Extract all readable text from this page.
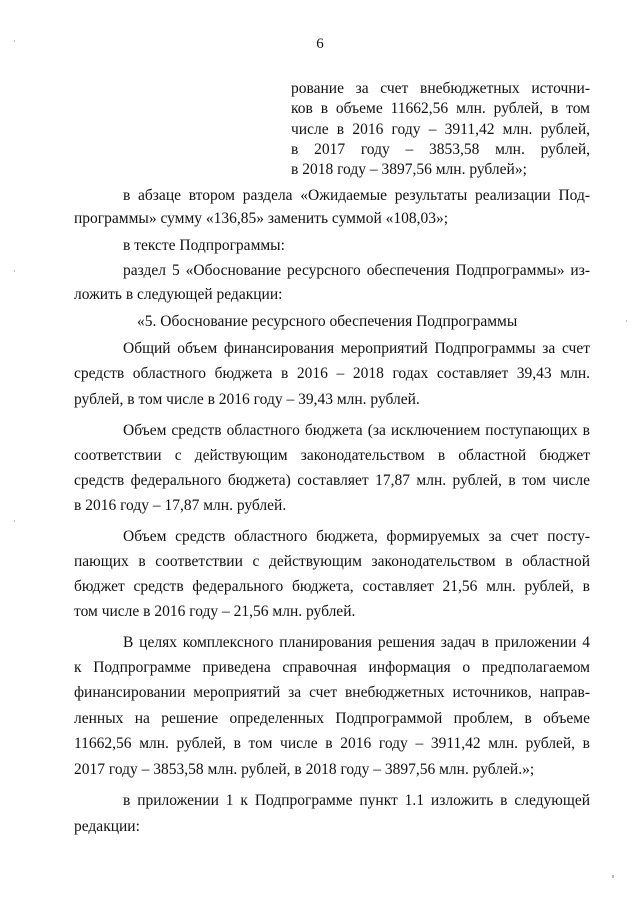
6
рование за счет внебюджетных источни-
ков в объеме 11662,56 млн. рублей, в том
числе в 2016 году – 3911,42 млн. рублей,
в 2017 году – 3853,58 млн. рублей,
в 2018 году – 3897,56 млн. рублей»;
в абзаце втором раздела «Ожидаемые результаты реализации Под-
программы» сумму «136,85» заменить суммой «108,03»;
в тексте Подпрограммы:
раздел 5 «Обоснование ресурсного обеспечения Подпрограммы» из-
ложить в следующей редакции:
«5. Обоснование ресурсного обеспечения Подпрограммы
Общий объем финансирования мероприятий Подпрограммы за счет
средств областного бюджета в 2016 – 2018 годах составляет 39,43 млн.
рублей, в том числе в 2016 году – 39,43 млн. рублей.
Объем средств областного бюджета (за исключением поступающих в
соответствии с действующим законодательством в областной бюджет
средств федерального бюджета) составляет 17,87 млн. рублей, в том числе
в 2016 году – 17,87 млн. рублей.
Объем средств областного бюджета, формируемых за счет посту-
пающих в соответствии с действующим законодательством в областной
бюджет средств федерального бюджета, составляет 21,56 млн. рублей, в
том числе в 2016 году – 21,56 млн. рублей.
В целях комплексного планирования решения задач в приложении 4
к Подпрограмме приведена справочная информация о предполагаемом
финансировании мероприятий за счет внебюджетных источников, направ-
ленных на решение определенных Подпрограммой проблем, в объеме
11662,56 млн. рублей, в том числе в 2016 году – 3911,42 млн. рублей, в
2017 году – 3853,58 млн. рублей, в 2018 году – 3897,56 млн. рублей.»;
в приложении 1 к Подпрограмме пункт 1.1 изложить в следующей
редакции:
